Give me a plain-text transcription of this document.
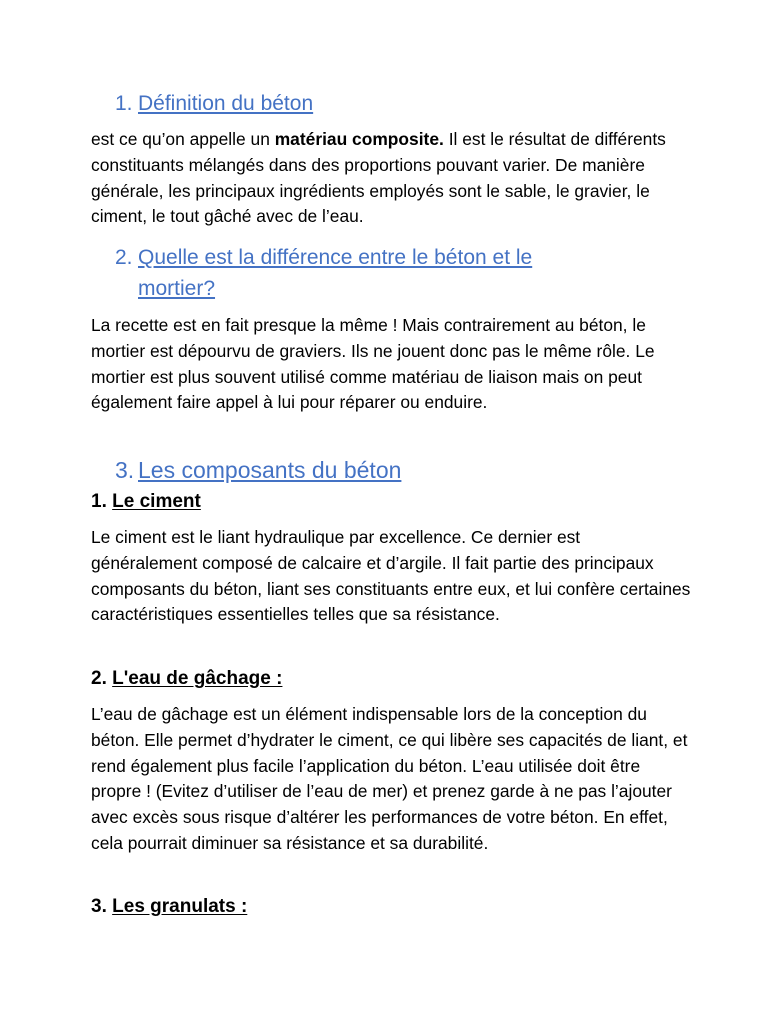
1. Définition du béton

est ce qu’on appelle un matériau composite. Il est le résultat de différents constituants mélangés dans des proportions pouvant varier. De manière générale, les principaux ingrédients employés sont le sable, le gravier, le ciment, le tout gâché avec de l’eau.

2. Quelle est la différence entre le béton et le
mortier?

La recette est en fait presque la même ! Mais contrairement au béton, le mortier est dépourvu de graviers. Ils ne jouent donc pas le même rôle. Le mortier est plus souvent utilisé comme matériau de liaison mais on peut également faire appel à lui pour réparer ou enduire.

3. Les composants du béton
1. Le ciment

Le ciment est le liant hydraulique par excellence. Ce dernier est généralement composé de calcaire et d’argile. Il fait partie des principaux composants du béton, liant ses constituants entre eux, et lui confère certaines caractéristiques essentielles telles que sa résistance.

2. L'eau de gâchage :

L’eau de gâchage est un élément indispensable lors de la conception du béton. Elle permet d’hydrater le ciment, ce qui libère ses capacités de liant, et rend également plus facile l’application du béton. L’eau utilisée doit être propre ! (Evitez d’utiliser de l’eau de mer) et prenez garde à ne pas l’ajouter avec excès sous risque d’altérer les performances de votre béton. En effet, cela pourrait diminuer sa résistance et sa durabilité.

3. Les granulats :
